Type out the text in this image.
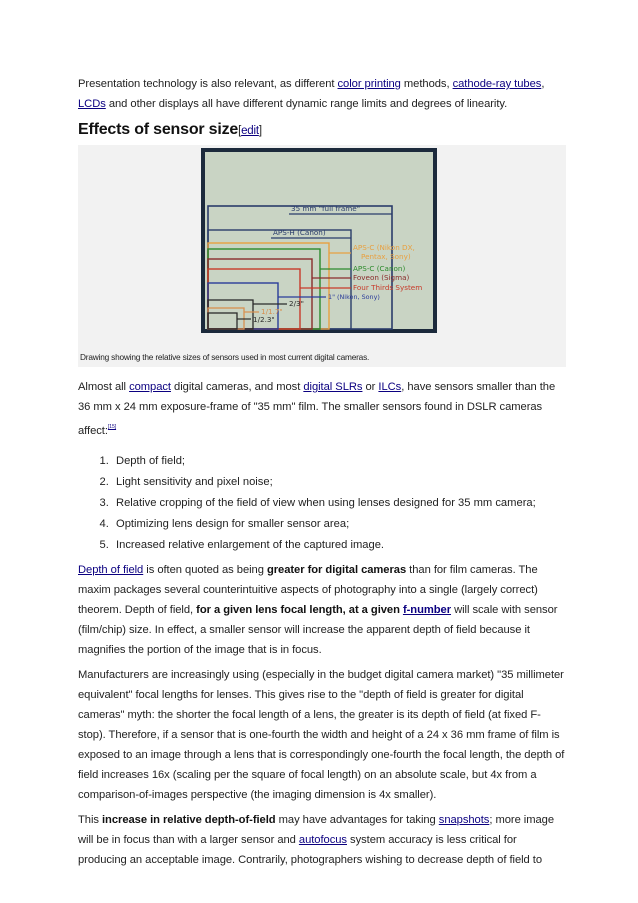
Presentation technology is also relevant, as different color printing methods, cathode-ray tubes, LCDs and other displays all have different dynamic range limits and degrees of linearity.

Effects of sensor size[edit]
35 mm "full frame"
APS-H (Canon)
APS-C (Nikon DX,
Pentax, Sony)
APS-C (Canon)
Foveon (Sigma)
Four Thirds System
1" (Nikon, Sony)
2/3"
1/1.7"
1/2.3"
Drawing showing the relative sizes of sensors used in most current digital cameras.

Almost all compact digital cameras, and most digital SLRs or ILCs, have sensors smaller than the 36 mm x 24 mm exposure-frame of "35 mm" film. The smaller sensors found in DSLR cameras affect:[15]

1. Depth of field;
2. Light sensitivity and pixel noise;
3. Relative cropping of the field of view when using lenses designed for 35 mm camera;
4. Optimizing lens design for smaller sensor area;
5. Increased relative enlargement of the captured image.

Depth of field is often quoted as being greater for digital cameras than for film cameras. The maxim packages several counterintuitive aspects of photography into a single (largely correct) theorem. Depth of field, for a given lens focal length, at a given f-number will scale with sensor (film/chip) size. In effect, a smaller sensor will increase the apparent depth of field because it magnifies the portion of the image that is in focus.

Manufacturers are increasingly using (especially in the budget digital camera market) "35 millimeter equivalent" focal lengths for lenses. This gives rise to the "depth of field is greater for digital cameras" myth: the shorter the focal length of a lens, the greater is its depth of field (at fixed F-stop). Therefore, if a sensor that is one-fourth the width and height of a 24 x 36 mm frame of film is exposed to an image through a lens that is correspondingly one-fourth the focal length, the depth of field increases 16x (scaling per the square of focal length) on an absolute scale, but 4x from a comparison-of-images perspective (the imaging dimension is 4x smaller).

This increase in relative depth-of-field may have advantages for taking snapshots; more image will be in focus than with a larger sensor and autofocus system accuracy is less critical for producing an acceptable image. Contrarily, photographers wishing to decrease depth of field to
